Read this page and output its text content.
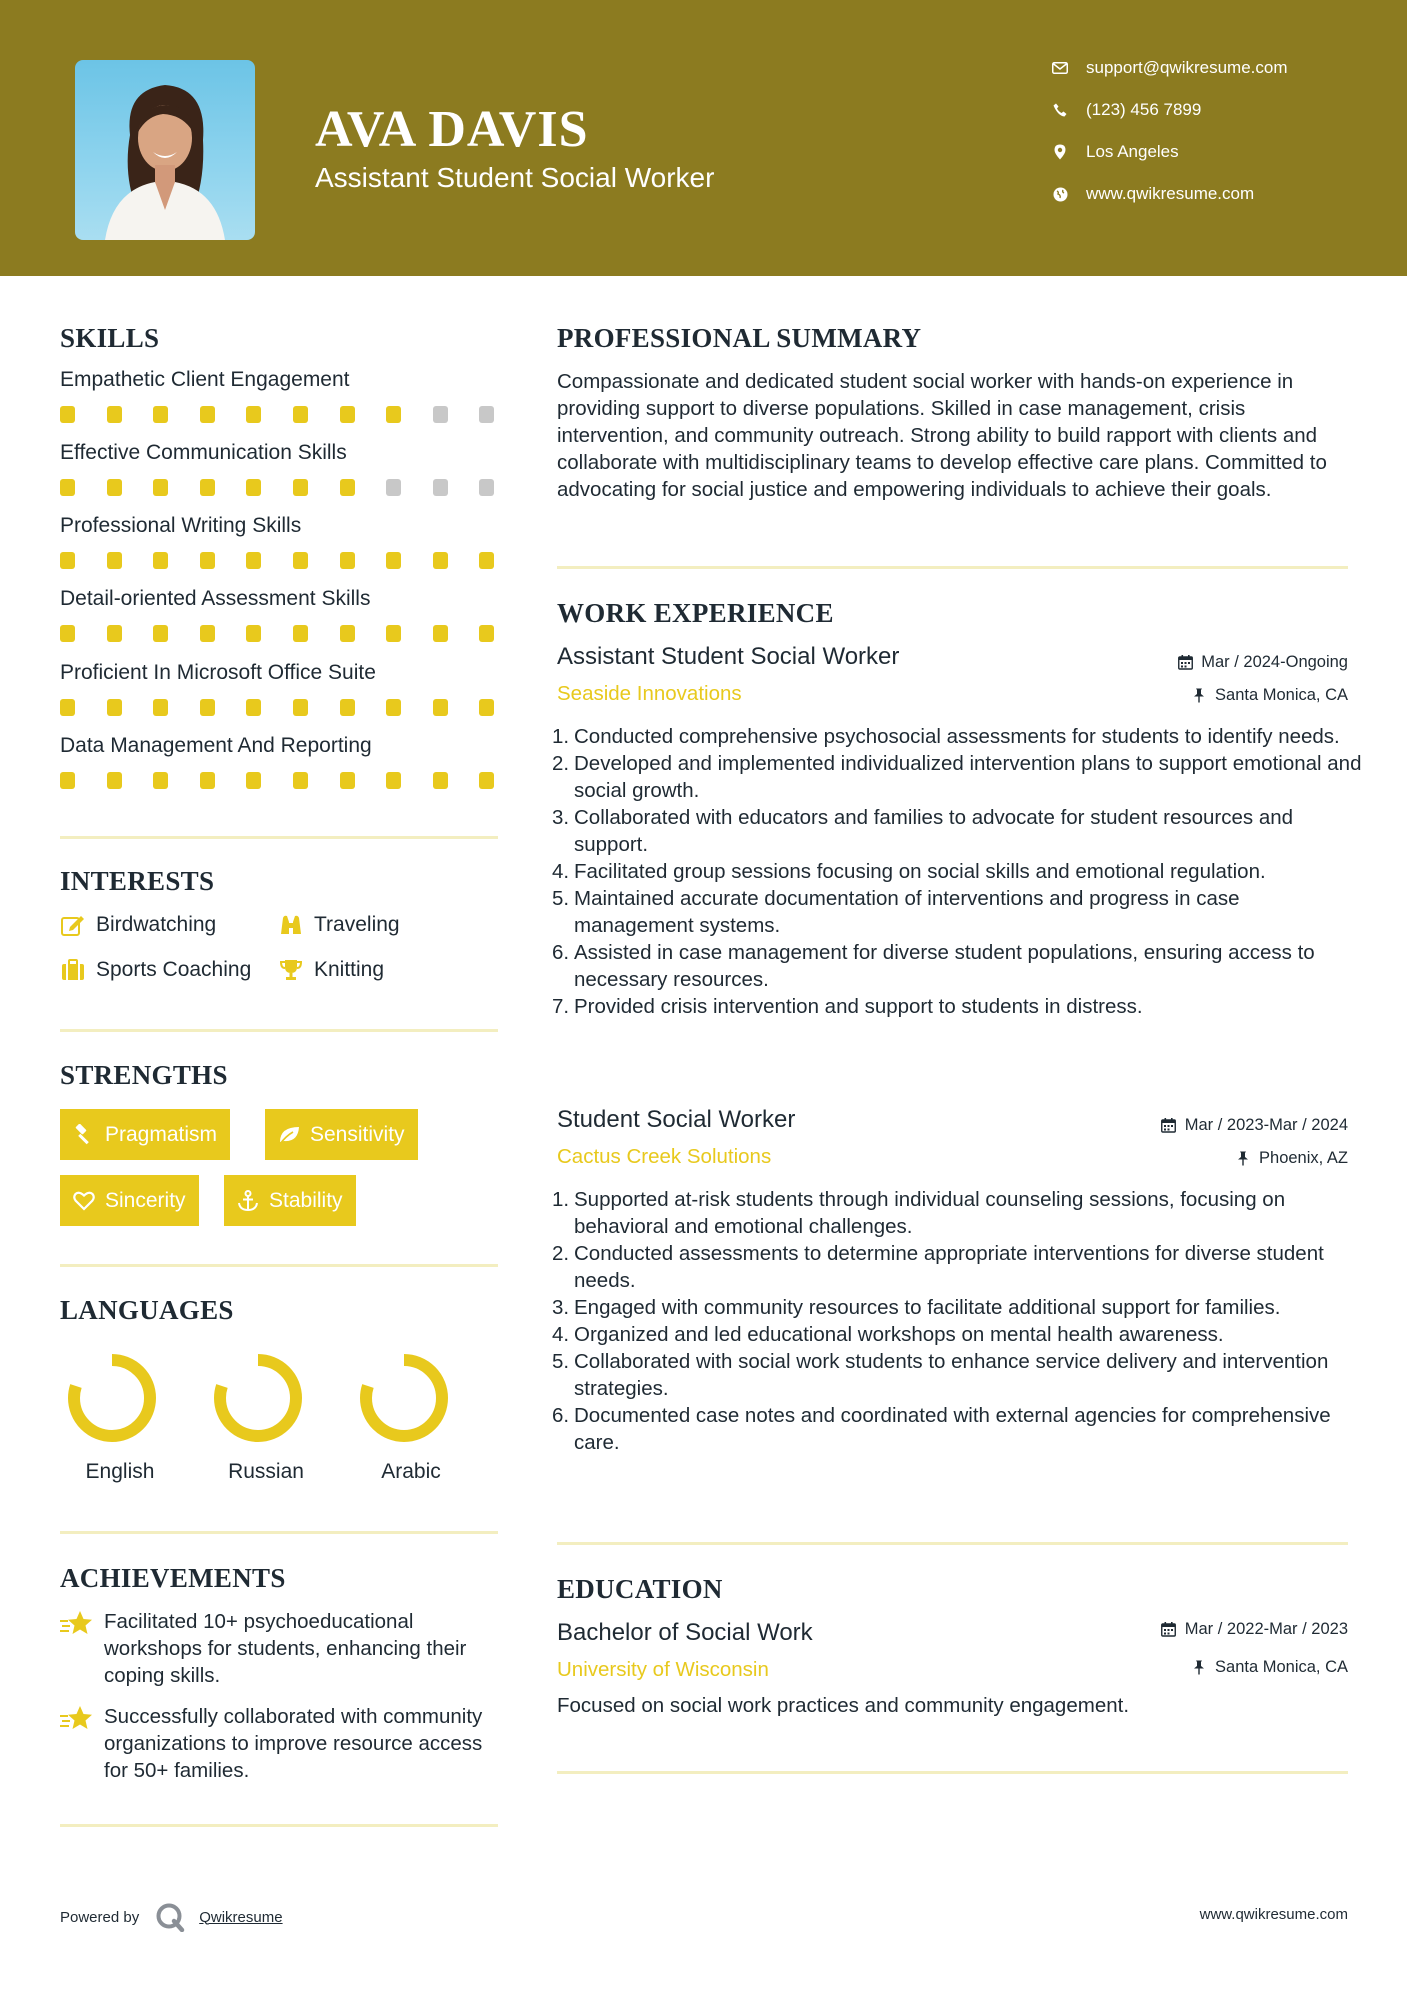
AVA DAVIS
Assistant Student Social Worker
support@qwikresume.com
(123) 456 7899
Los Angeles
www.qwikresume.com
SKILLS
Empathetic Client Engagement
Effective Communication Skills
Professional Writing Skills
Detail-oriented Assessment Skills
Proficient In Microsoft Office Suite
Data Management And Reporting
INTERESTS
Birdwatching	Traveling
Sports Coaching	Knitting
STRENGTHS
Pragmatism	Sensitivity
Sincerity	Stability
LANGUAGES
English	Russian	Arabic
ACHIEVEMENTS
Facilitated 10+ psychoeducational workshops for students, enhancing their coping skills.
Successfully collaborated with community organizations to improve resource access for 50+ families.
PROFESSIONAL SUMMARY
Compassionate and dedicated student social worker with hands-on experience in providing support to diverse populations. Skilled in case management, crisis intervention, and community outreach. Strong ability to build rapport with clients and collaborate with multidisciplinary teams to develop effective care plans. Committed to advocating for social justice and empowering individuals to achieve their goals.
WORK EXPERIENCE
Assistant Student Social Worker	Mar / 2024-Ongoing
Seaside Innovations	Santa Monica, CA
1. Conducted comprehensive psychosocial assessments for students to identify needs.
2. Developed and implemented individualized intervention plans to support emotional and social growth.
3. Collaborated with educators and families to advocate for student resources and support.
4. Facilitated group sessions focusing on social skills and emotional regulation.
5. Maintained accurate documentation of interventions and progress in case management systems.
6. Assisted in case management for diverse student populations, ensuring access to necessary resources.
7. Provided crisis intervention and support to students in distress.
Student Social Worker	Mar / 2023-Mar / 2024
Cactus Creek Solutions	Phoenix, AZ
1. Supported at-risk students through individual counseling sessions, focusing on behavioral and emotional challenges.
2. Conducted assessments to determine appropriate interventions for diverse student needs.
3. Engaged with community resources to facilitate additional support for families.
4. Organized and led educational workshops on mental health awareness.
5. Collaborated with social work students to enhance service delivery and intervention strategies.
6. Documented case notes and coordinated with external agencies for comprehensive care.
EDUCATION
Bachelor of Social Work	Mar / 2022-Mar / 2023
University of Wisconsin	Santa Monica, CA
Focused on social work practices and community engagement.
Powered by	Qwikresume	www.qwikresume.com
